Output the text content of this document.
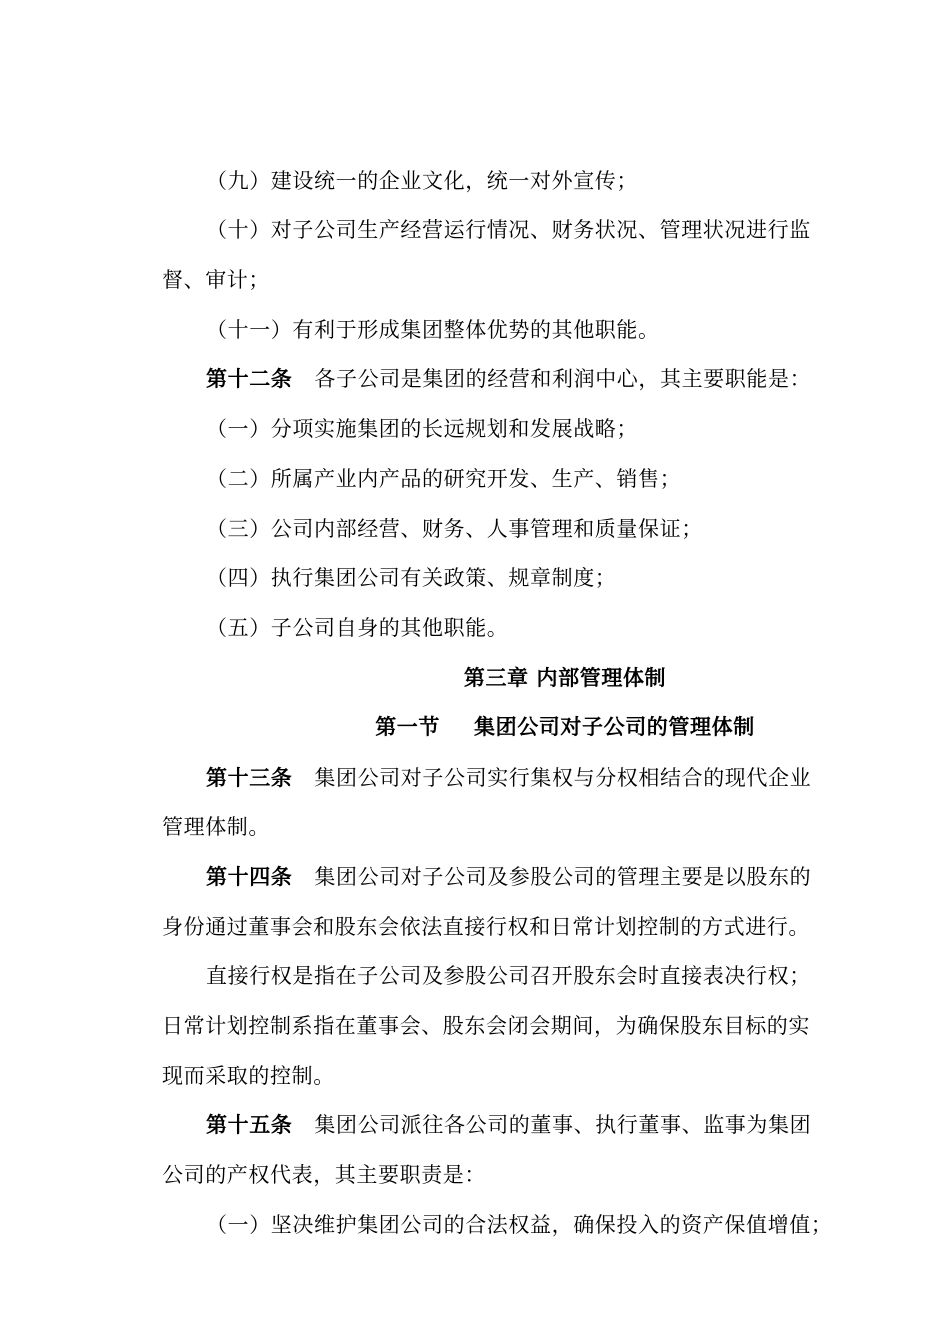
（九）建设统一的企业文化，统一对外宣传；
（十）对子公司生产经营运行情况、财务状况、管理状况进行监
督、审计；
（十一）有利于形成集团整体优势的其他职能。
第十二条 各子公司是集团的经营和利润中心，其主要职能是：
（一）分项实施集团的长远规划和发展战略；
（二）所属产业内产品的研究开发、生产、销售；
（三）公司内部经营、财务、人事管理和质量保证；
（四）执行集团公司有关政策、规章制度；
（五）子公司自身的其他职能。
第三章 内部管理体制
第一节 集团公司对子公司的管理体制
第十三条 集团公司对子公司实行集权与分权相结合的现代企业
管理体制。
第十四条 集团公司对子公司及参股公司的管理主要是以股东的
身份通过董事会和股东会依法直接行权和日常计划控制的方式进行。
直接行权是指在子公司及参股公司召开股东会时直接表决行权；
日常计划控制系指在董事会、股东会闭会期间，为确保股东目标的实
现而采取的控制。
第十五条 集团公司派往各公司的董事、执行董事、监事为集团
公司的产权代表，其主要职责是：
（一）坚决维护集团公司的合法权益，确保投入的资产保值增值；
